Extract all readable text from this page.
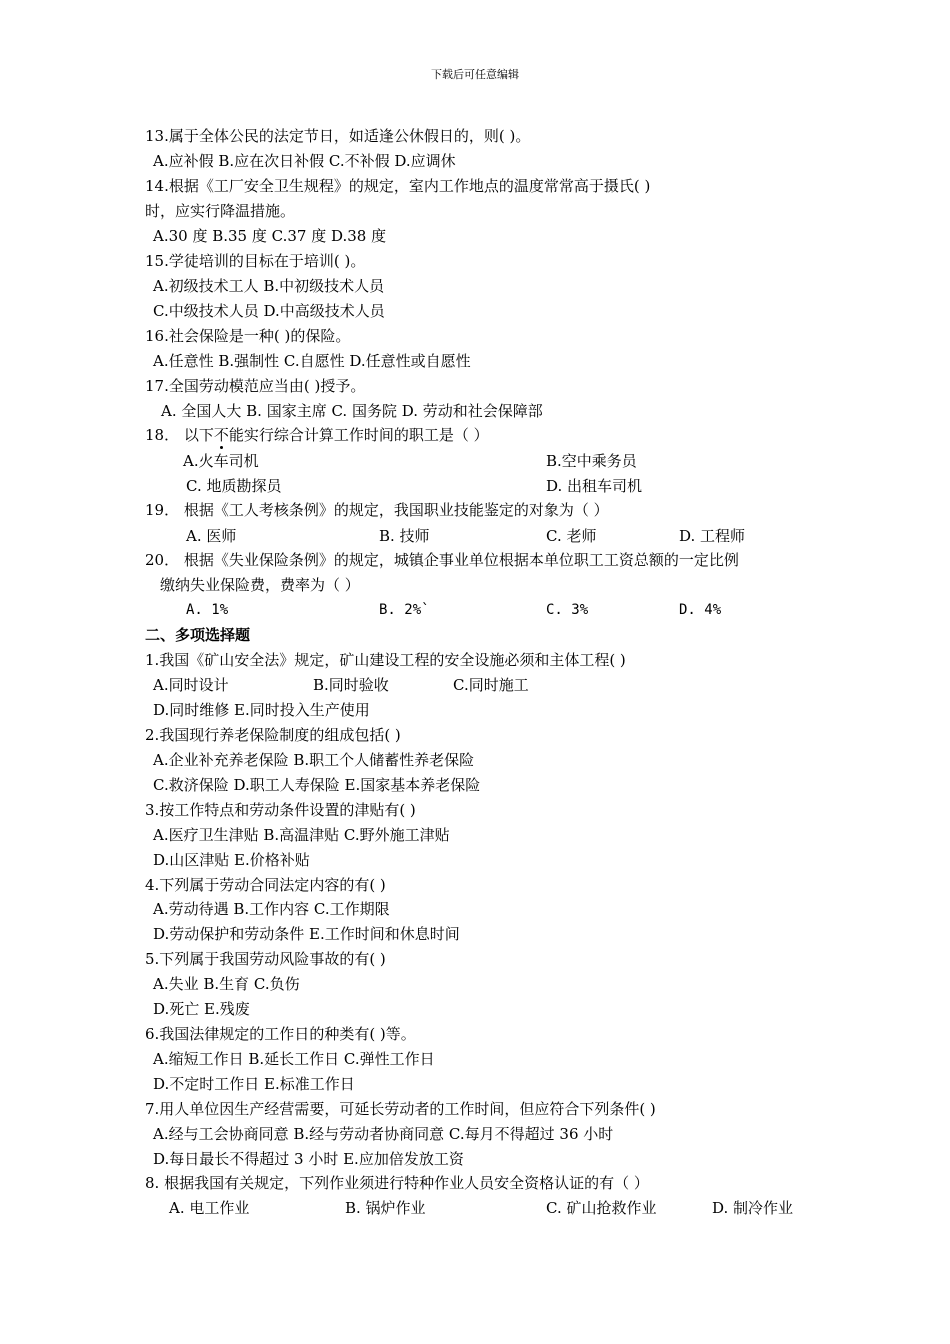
下载后可任意编辑
13.属于全体公民的法定节日，如适逢公休假日的，则( )。
A.应补假 B.应在次日补假 C.不补假 D.应调休
14.根据《工厂安全卫生规程》的规定，室内工作地点的温度常常高于摄氏( )
时，应实行降温措施。
A.30 度 B.35 度 C.37 度 D.38 度
15.学徒培训的目标在于培训( )。
A.初级技术工人 B.中初级技术人员
C.中级技术人员 D.中高级技术人员
16.社会保险是一种( )的保险。
A.任意性 B.强制性 C.自愿性 D.任意性或自愿性
17.全国劳动模范应当由( )授予。
A. 全国人大 B. 国家主席 C. 国务院 D. 劳动和社会保障部
18． 以下不能实行综合计算工作时间的职工是（ ）
A.火车司机	B.空中乘务员
C. 地质勘探员	D. 出租车司机
19． 根据《工人考核条例》的规定，我国职业技能鉴定的对象为（ ）
A. 医师	B. 技师	C. 老师	D. 工程师
20． 根据《失业保险条例》的规定，城镇企事业单位根据本单位职工工资总额的一定比例
缴纳失业保险费，费率为（ ）
A. 1%	B. 2%`	C. 3%	D. 4%
二、多项选择题
1.我国《矿山安全法》规定，矿山建设工程的安全设施必须和主体工程( )
A.同时设计	B.同时验收	C.同时施工
D.同时维修 E.同时投入生产使用
2.我国现行养老保险制度的组成包括( )
A.企业补充养老保险 B.职工个人储蓄性养老保险
C.救济保险 D.职工人寿保险 E.国家基本养老保险
3.按工作特点和劳动条件设置的津贴有( )
A.医疗卫生津贴 B.高温津贴 C.野外施工津贴
D.山区津贴 E.价格补贴
4.下列属于劳动合同法定内容的有( )
A.劳动待遇 B.工作内容 C.工作期限
D.劳动保护和劳动条件 E.工作时间和休息时间
5.下列属于我国劳动风险事故的有( )
A.失业 B.生育 C.负伤
D.死亡 E.残废
6.我国法律规定的工作日的种类有( )等。
A.缩短工作日 B.延长工作日 C.弹性工作日
D.不定时工作日 E.标准工作日
7.用人单位因生产经营需要，可延长劳动者的工作时间，但应符合下列条件( )
A.经与工会协商同意 B.经与劳动者协商同意 C.每月不得超过 36 小时
D.每日最长不得超过 3 小时 E.应加倍发放工资
8. 根据我国有关规定，下列作业须进行特种作业人员安全资格认证的有（ ）
A. 电工作业	B. 锅炉作业	C. 矿山抢救作业	D. 制冷作业
